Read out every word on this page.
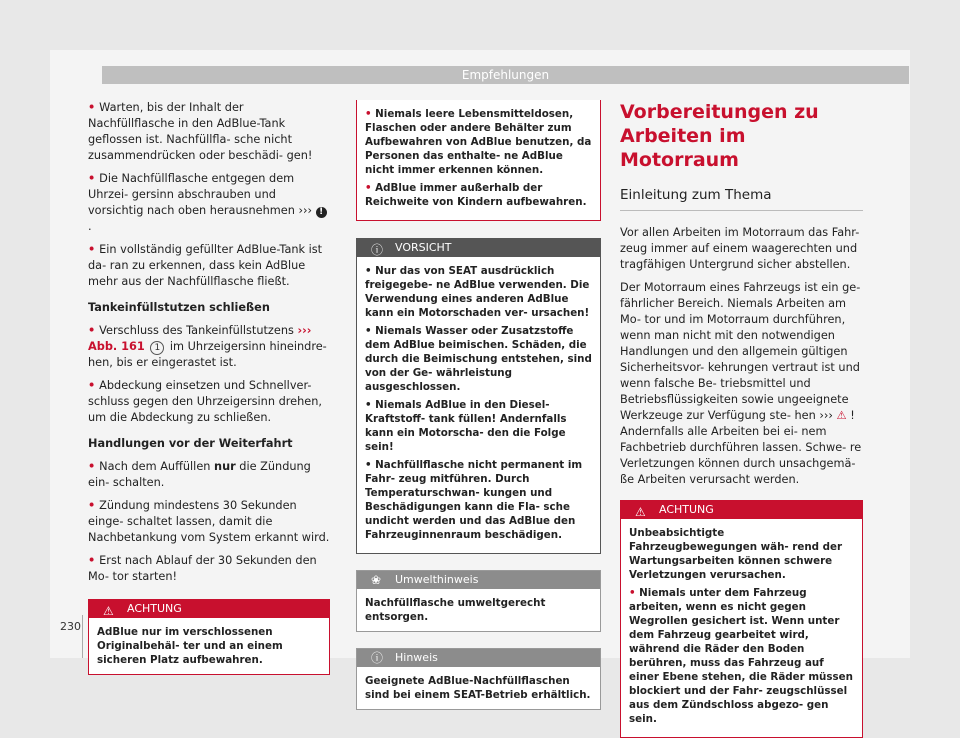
Empfehlungen

• Warten, bis der Inhalt der Nachfüllflasche in den AdBlue-Tank geflossen ist. Nachfüllfla- sche nicht zusammendrücken oder beschädi- gen!

• Die Nachfüllflasche entgegen dem Uhrzei- gersinn abschrauben und vorsichtig nach oben herausnehmen ››› !.

• Ein vollständig gefüllter AdBlue-Tank ist da- ran zu erkennen, dass kein AdBlue mehr aus der Nachfüllflasche fließt.

Tankeinfüllstutzen schließen

• Verschluss des Tankeinfüllstutzens ››› Abb. 161 1 im Uhrzeigersinn hineindre- hen, bis er eingerastet ist.

• Abdeckung einsetzen und Schnellver- schluss gegen den Uhrzeigersinn drehen, um die Abdeckung zu schließen.

Handlungen vor der Weiterfahrt

• Nach dem Auffüllen nur die Zündung ein- schalten.

• Zündung mindestens 30 Sekunden einge- schaltet lassen, damit die Nachbetankung vom System erkannt wird.

• Erst nach Ablauf der 30 Sekunden den Mo- tor starten!

⚠ ACHTUNG
AdBlue nur im verschlossenen Originalbehäl- ter und an einem sicheren Platz aufbewahren.

• Niemals leere Lebensmitteldosen, Flaschen oder andere Behälter zum Aufbewahren von AdBlue benutzen, da Personen das enthalte- ne AdBlue nicht immer erkennen können.

• AdBlue immer außerhalb der Reichweite von Kindern aufbewahren.

ⓘ VORSICHT

• Nur das von SEAT ausdrücklich freigegebe- ne AdBlue verwenden. Die Verwendung eines anderen AdBlue kann ein Motorschaden ver- ursachen!

• Niemals Wasser oder Zusatzstoffe dem AdBlue beimischen. Schäden, die durch die Beimischung entstehen, sind von der Ge- währleistung ausgeschlossen.

• Niemals AdBlue in den Diesel-Kraftstoff- tank füllen! Andernfalls kann ein Motorscha- den die Folge sein!

• Nachfüllflasche nicht permanent im Fahr- zeug mitführen. Durch Temperaturschwan- kungen und Beschädigungen kann die Fla- sche undicht werden und das AdBlue den Fahrzeuginnenraum beschädigen.

❀ Umwelthinweis
Nachfüllflasche umweltgerecht entsorgen.
ⓘ Hinweis
Geeignete AdBlue-Nachfüllflaschen sind bei einem SEAT-Betrieb erhältlich.
Vorbereitungen zu Arbeiten im Motorraum
Einleitung zum Thema

Vor allen Arbeiten im Motorraum das Fahr- zeug immer auf einem waagerechten und tragfähigen Untergrund sicher abstellen.

Der Motorraum eines Fahrzeugs ist ein ge- fährlicher Bereich. Niemals Arbeiten am Mo- tor und im Motorraum durchführen, wenn man nicht mit den notwendigen Handlungen und den allgemein gültigen Sicherheitsvor- kehrungen vertraut ist und wenn falsche Be- triebsmittel und Betriebsflüssigkeiten sowie ungeeignete Werkzeuge zur Verfügung ste- hen ››› ⚠ ! Andernfalls alle Arbeiten bei ei- nem Fachbetrieb durchführen lassen. Schwe- re Verletzungen können durch unsachgemä- ße Arbeiten verursacht werden.

⚠ ACHTUNG

Unbeabsichtigte Fahrzeugbewegungen wäh- rend der Wartungsarbeiten können schwere Verletzungen verursachen.

• Niemals unter dem Fahrzeug arbeiten, wenn es nicht gegen Wegrollen gesichert ist. Wenn unter dem Fahrzeug gearbeitet wird, während die Räder den Boden berühren, muss das Fahrzeug auf einer Ebene stehen, die Räder müssen blockiert und der Fahr- zeugschlüssel aus dem Zündschloss abgezo- gen sein.

230
